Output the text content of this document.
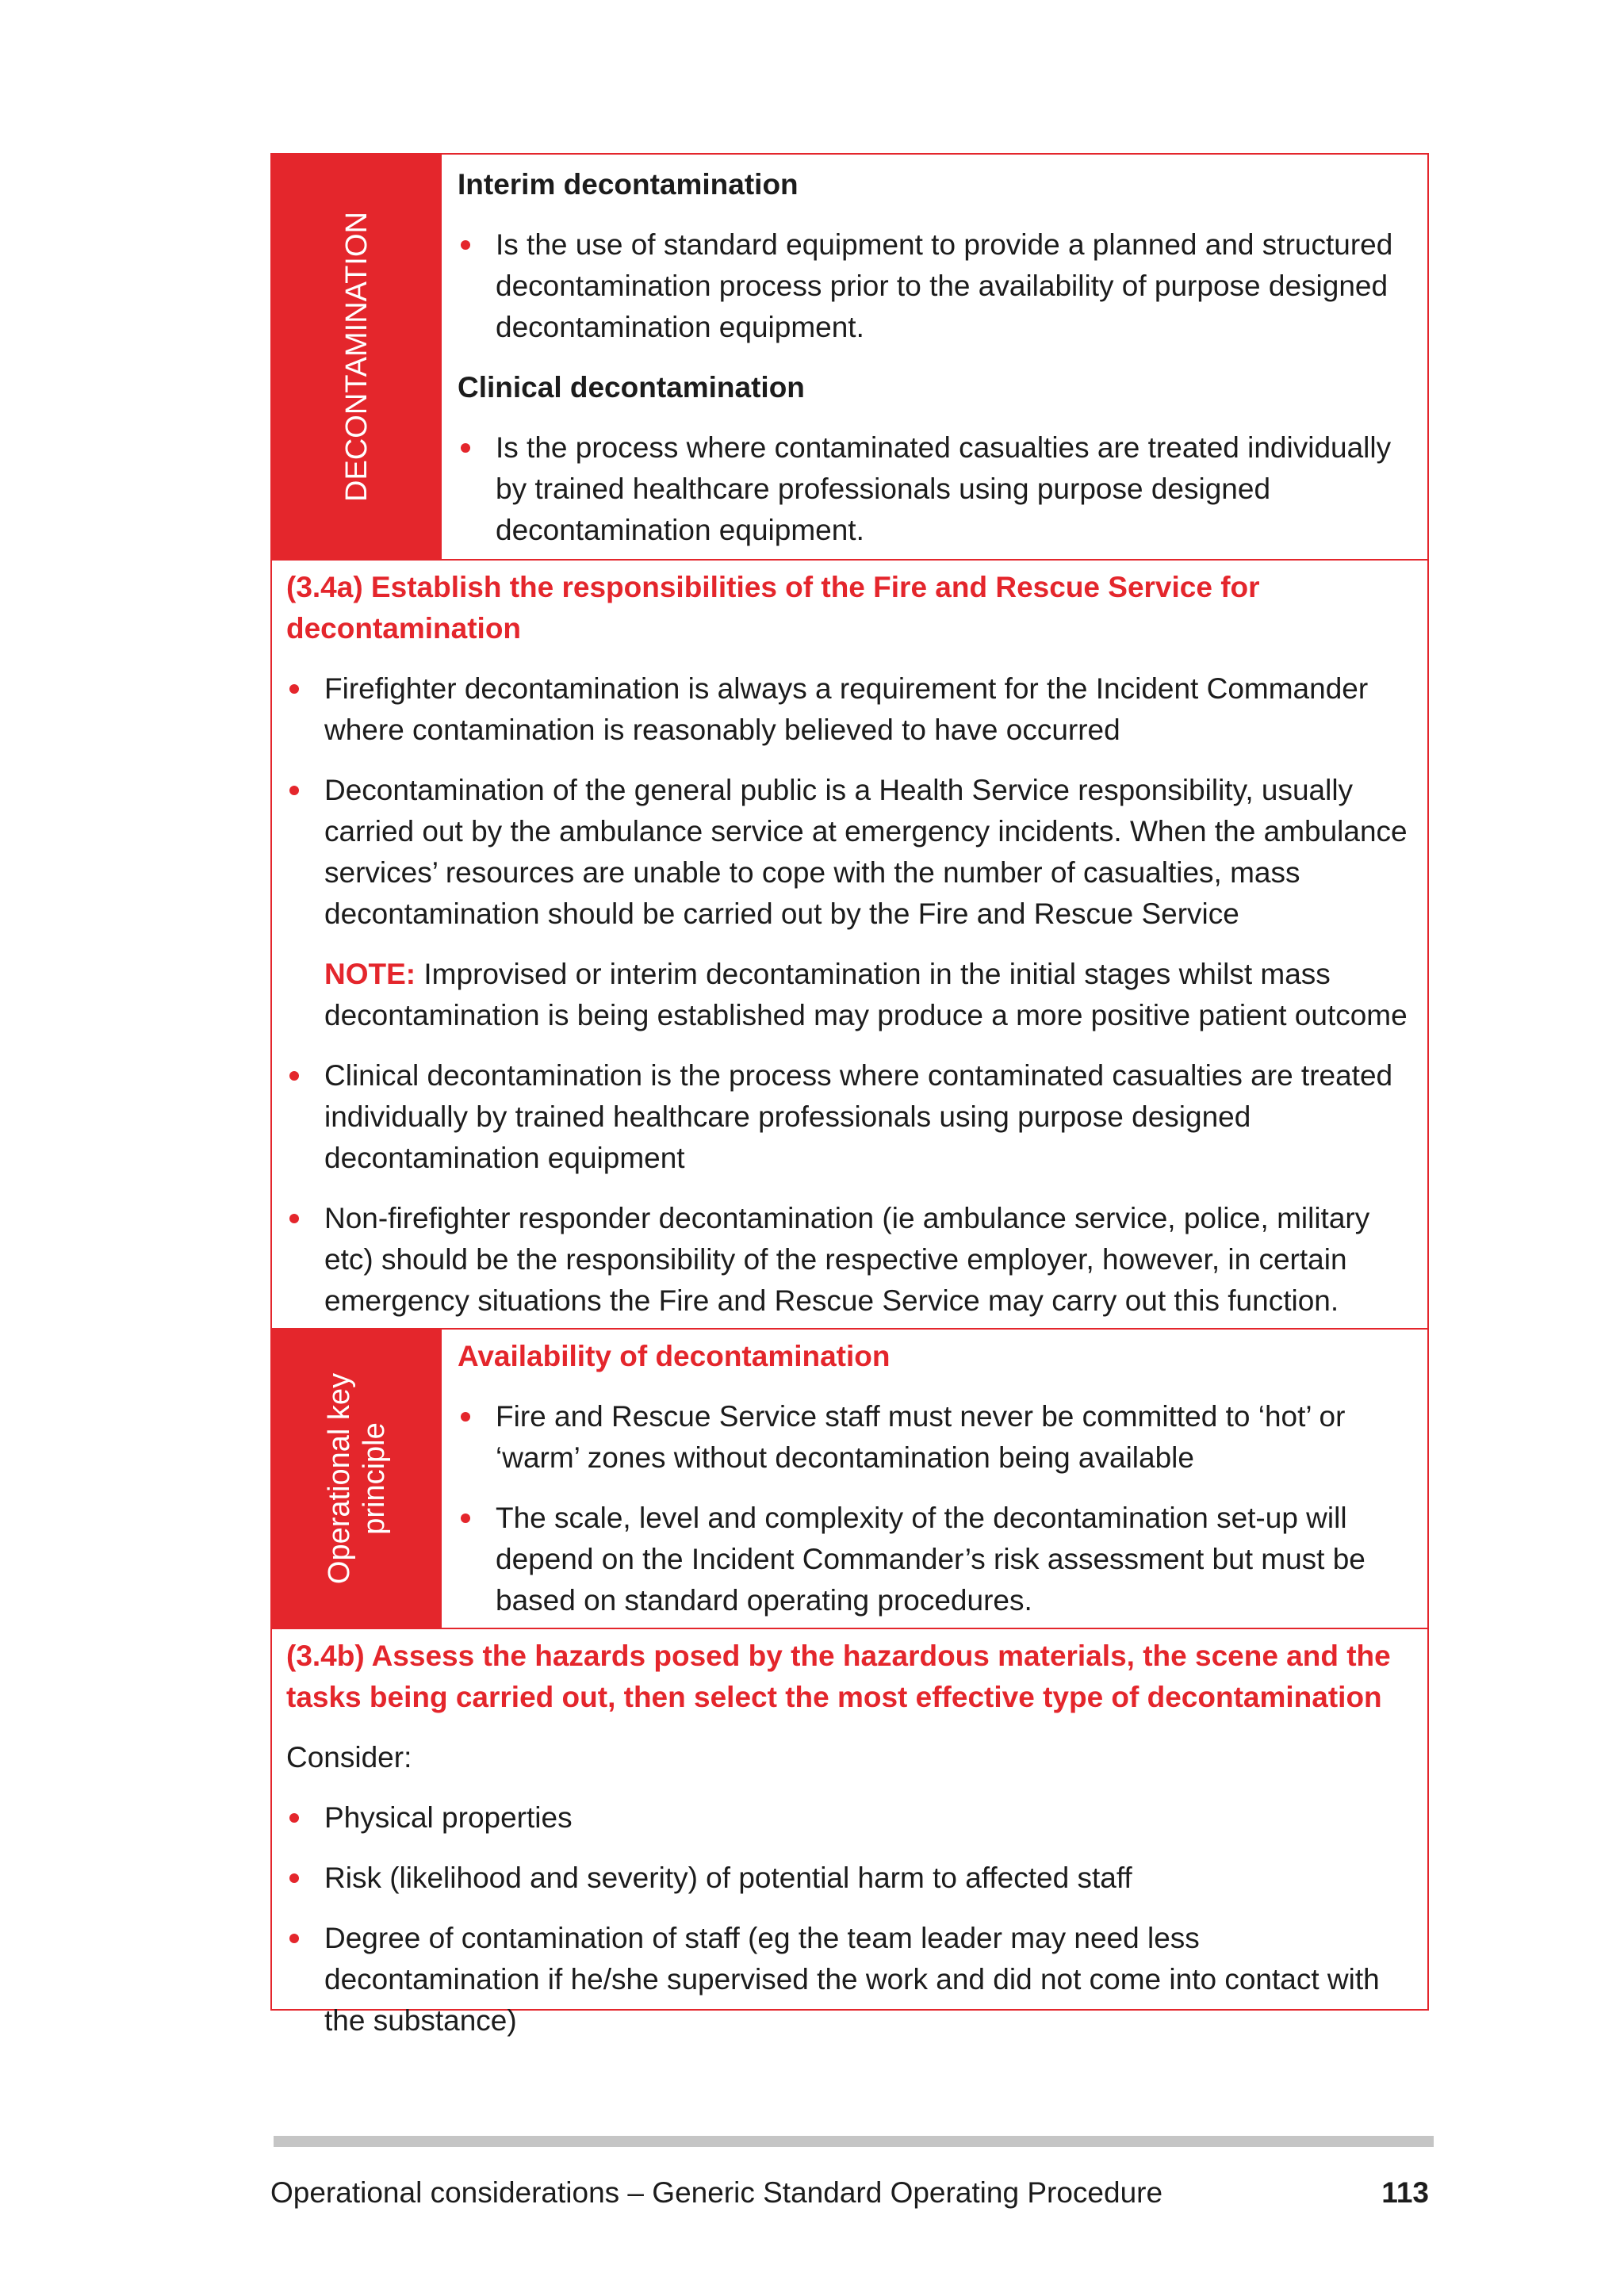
DECONTAMINATION
Interim decontamination
Is the use of standard equipment to provide a planned and structured decontamination process prior to the availability of purpose designed decontamination equipment.
Clinical decontamination
Is the process where contaminated casualties are treated individually by trained healthcare professionals using purpose designed decontamination equipment.
(3.4a) Establish the responsibilities of the Fire and Rescue Service for decontamination
Firefighter decontamination is always a requirement for the Incident Commander where contamination is reasonably believed to have occurred
Decontamination of the general public is a Health Service responsibility, usually carried out by the ambulance service at emergency incidents. When the ambulance services’ resources are unable to cope with the number of casualties, mass decontamination should be carried out by the Fire and Rescue Service

NOTE: Improvised or interim decontamination in the initial stages whilst mass decontamination is being established may produce a more positive patient outcome

Clinical decontamination is the process where contaminated casualties are treated individually by trained healthcare professionals using purpose designed decontamination equipment
Non-firefighter responder decontamination (ie ambulance service, police, military etc) should be the responsibility of the respective employer, however, in certain emergency situations the Fire and Rescue Service may carry out this function.
Operational key principle
Availability of decontamination
Fire and Rescue Service staff must never be committed to ‘hot’ or ‘warm’ zones without decontamination being available
The scale, level and complexity of the decontamination set-up will depend on the Incident Commander’s risk assessment but must be based on standard operating procedures.
(3.4b) Assess the hazards posed by the hazardous materials, the scene and the tasks being carried out, then select the most effective type of decontamination

Consider:

Physical properties
Risk (likelihood and severity) of potential harm to affected staff
Degree of contamination of staff (eg the team leader may need less decontamination if he/she supervised the work and did not come into contact with the substance)
Operational considerations – Generic Standard Operating Procedure	113
